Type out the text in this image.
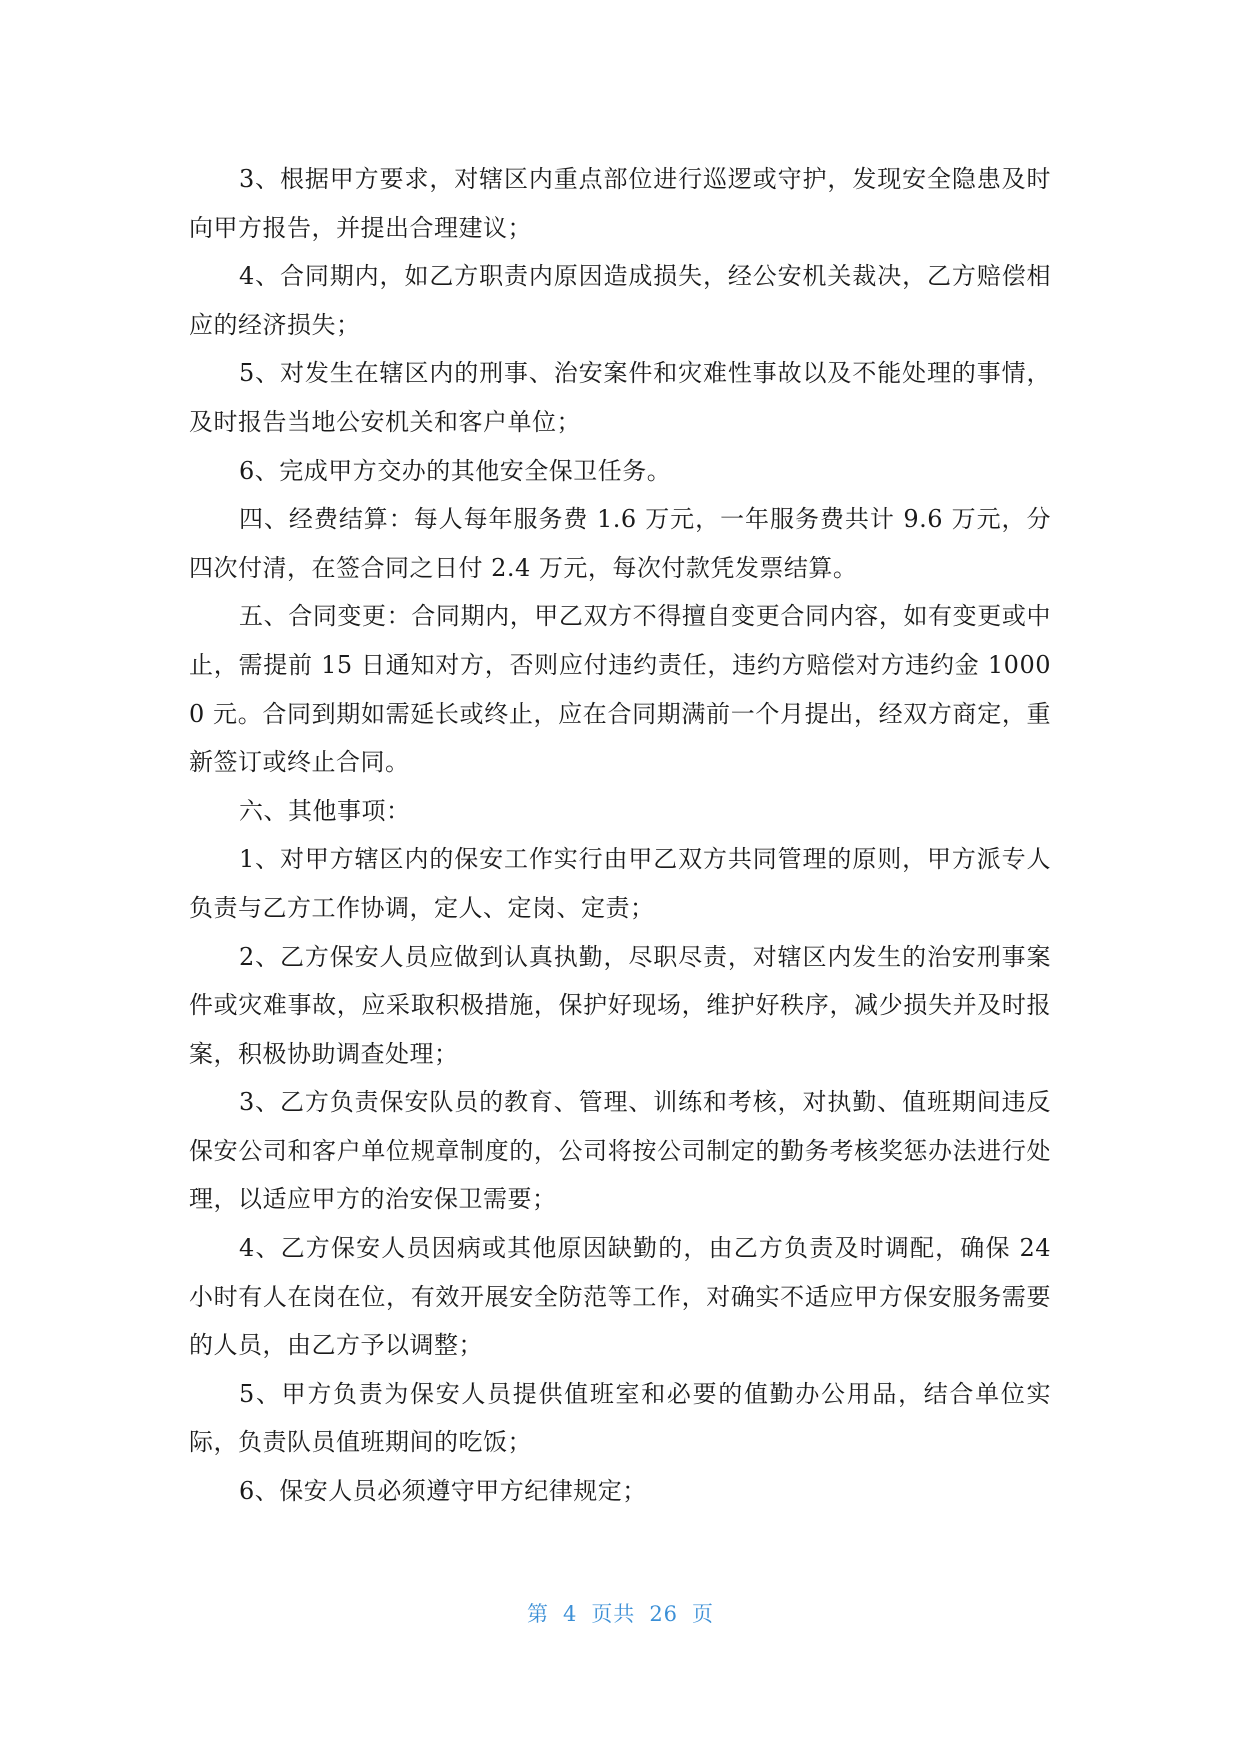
3、根据甲方要求，对辖区内重点部位进行巡逻或守护，发现安全隐患及时向甲方报告，并提出合理建议；

4、合同期内，如乙方职责内原因造成损失，经公安机关裁决，乙方赔偿相应的经济损失；

5、对发生在辖区内的刑事、治安案件和灾难性事故以及不能处理的事情，及时报告当地公安机关和客户单位；

6、完成甲方交办的其他安全保卫任务。

四、经费结算：每人每年服务费 1.6 万元，一年服务费共计 9.6 万元，分四次付清，在签合同之日付 2.4 万元，每次付款凭发票结算。

五、合同变更：合同期内，甲乙双方不得擅自变更合同内容，如有变更或中止，需提前 15 日通知对方，否则应付违约责任，违约方赔偿对方违约金 10000 元。合同到期如需延长或终止，应在合同期满前一个月提出，经双方商定，重新签订或终止合同。

六、其他事项：

1、对甲方辖区内的保安工作实行由甲乙双方共同管理的原则，甲方派专人负责与乙方工作协调，定人、定岗、定责；

2、乙方保安人员应做到认真执勤，尽职尽责，对辖区内发生的治安刑事案件或灾难事故，应采取积极措施，保护好现场，维护好秩序，减少损失并及时报案，积极协助调查处理；

3、乙方负责保安队员的教育、管理、训练和考核，对执勤、值班期间违反保安公司和客户单位规章制度的，公司将按公司制定的勤务考核奖惩办法进行处理，以适应甲方的治安保卫需要；

4、乙方保安人员因病或其他原因缺勤的，由乙方负责及时调配，确保 24 小时有人在岗在位，有效开展安全防范等工作，对确实不适应甲方保安服务需要的人员，由乙方予以调整；

5、甲方负责为保安人员提供值班室和必要的值勤办公用品，结合单位实际，负责队员值班期间的吃饭；

6、保安人员必须遵守甲方纪律规定；

第 4 页共 26 页
